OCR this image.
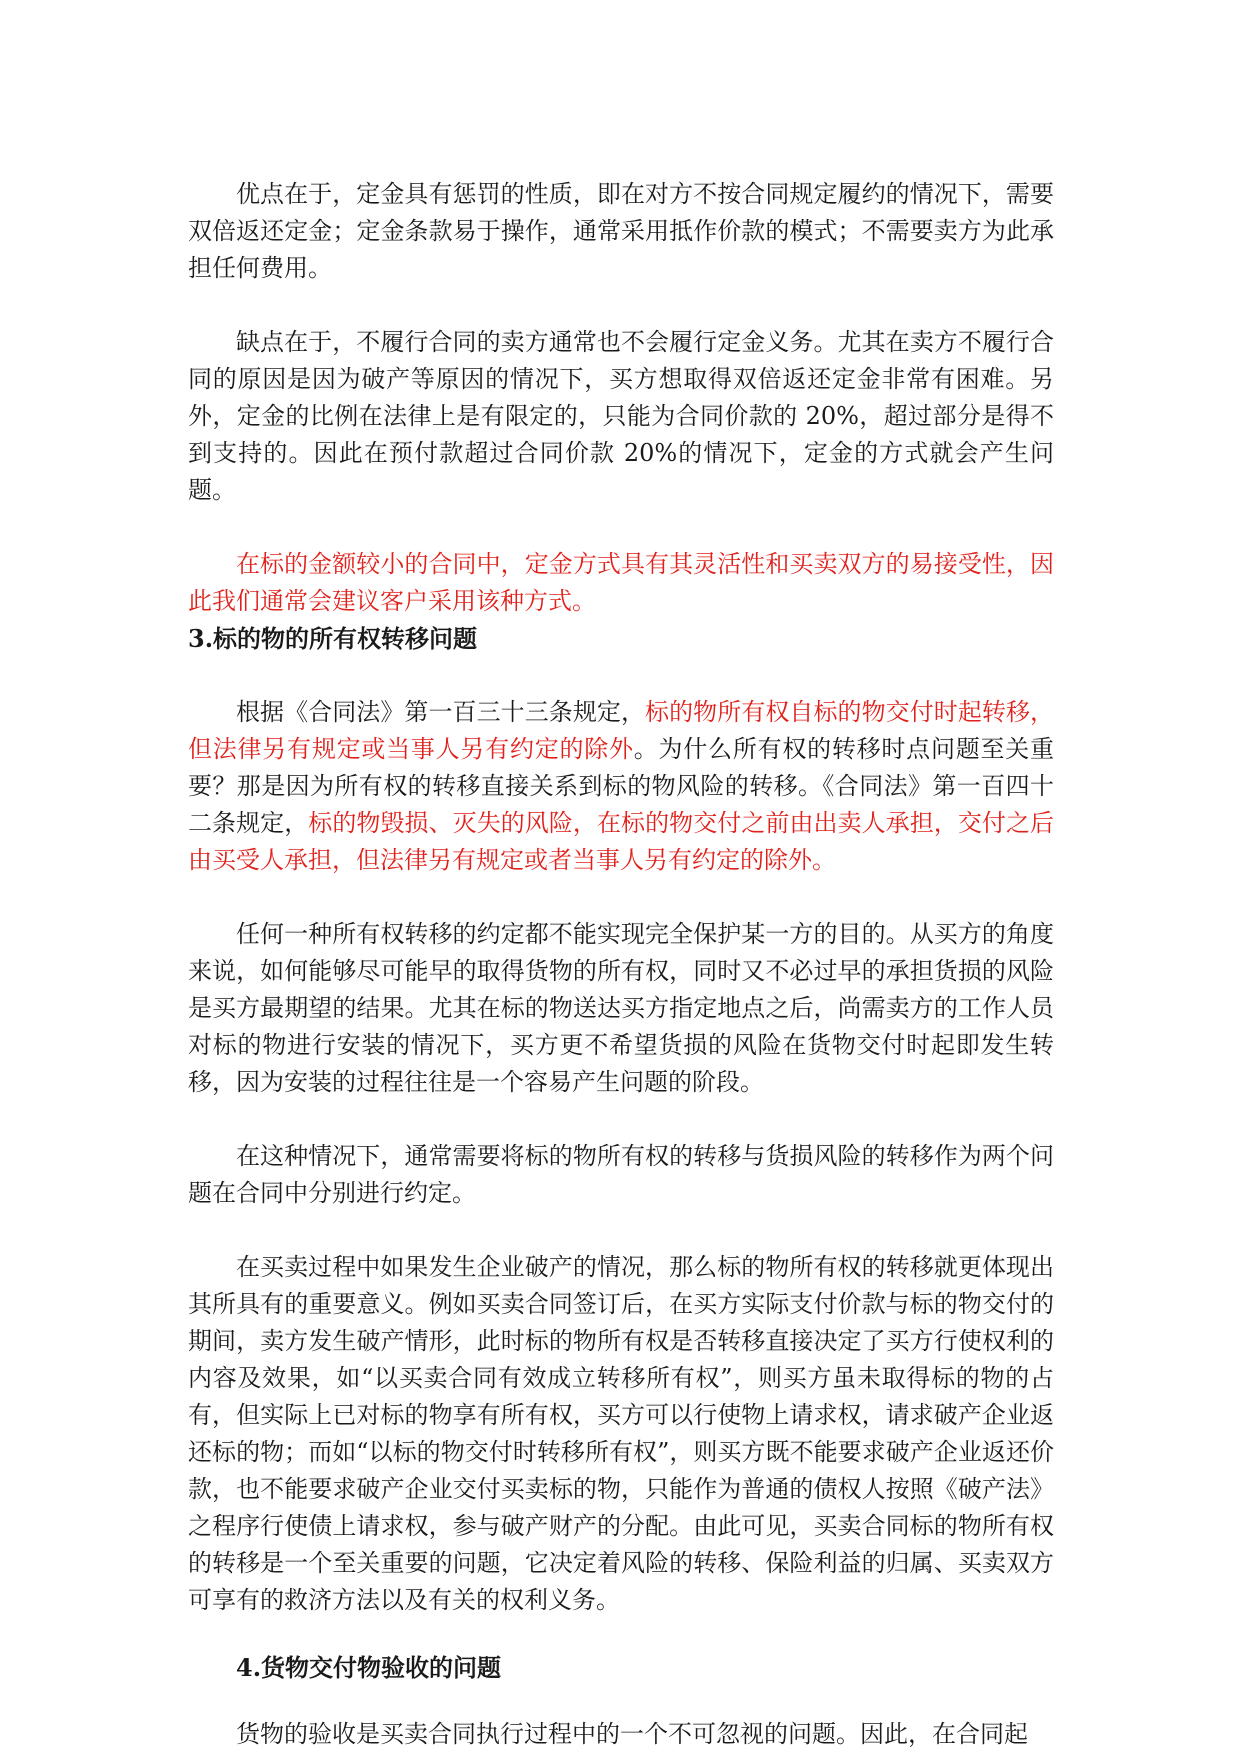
优点在于，定金具有惩罚的性质，即在对方不按合同规定履约的情况下，需要双倍返还定金；定金条款易于操作，通常采用抵作价款的模式；不需要卖方为此承担任何费用。

缺点在于，不履行合同的卖方通常也不会履行定金义务。尤其在卖方不履行合同的原因是因为破产等原因的情况下，买方想取得双倍返还定金非常有困难。另外，定金的比例在法律上是有限定的，只能为合同价款的 20%，超过部分是得不到支持的。因此在预付款超过合同价款 20%的情况下，定金的方式就会产生问题。

在标的金额较小的合同中，定金方式具有其灵活性和买卖双方的易接受性，因此我们通常会建议客户采用该种方式。

3.标的物的所有权转移问题

根据《合同法》第一百三十三条规定，标的物所有权自标的物交付时起转移，但法律另有规定或当事人另有约定的除外。为什么所有权的转移时点问题至关重要？那是因为所有权的转移直接关系到标的物风险的转移。《合同法》第一百四十二条规定，标的物毁损、灭失的风险，在标的物交付之前由出卖人承担，交付之后由买受人承担，但法律另有规定或者当事人另有约定的除外。

任何一种所有权转移的约定都不能实现完全保护某一方的目的。从买方的角度来说，如何能够尽可能早的取得货物的所有权，同时又不必过早的承担货损的风险是买方最期望的结果。尤其在标的物送达买方指定地点之后，尚需卖方的工作人员对标的物进行安装的情况下，买方更不希望货损的风险在货物交付时起即发生转移，因为安装的过程往往是一个容易产生问题的阶段。

在这种情况下，通常需要将标的物所有权的转移与货损风险的转移作为两个问题在合同中分别进行约定。

在买卖过程中如果发生企业破产的情况，那么标的物所有权的转移就更体现出其所具有的重要意义。例如买卖合同签订后，在买方实际支付价款与标的物交付的期间，卖方发生破产情形，此时标的物所有权是否转移直接决定了买方行使权利的内容及效果，如“以买卖合同有效成立转移所有权”，则买方虽未取得标的物的占有，但实际上已对标的物享有所有权，买方可以行使物上请求权，请求破产企业返还标的物；而如“以标的物交付时转移所有权”，则买方既不能要求破产企业返还价款，也不能要求破产企业交付买卖标的物，只能作为普通的债权人按照《破产法》之程序行使债上请求权，参与破产财产的分配。由此可见，买卖合同标的物所有权的转移是一个至关重要的问题，它决定着风险的转移、保险利益的归属、买卖双方可享有的救济方法以及有关的权利义务。

4.货物交付物验收的问题

货物的验收是买卖合同执行过程中的一个不可忽视的问题。因此，在合同起
